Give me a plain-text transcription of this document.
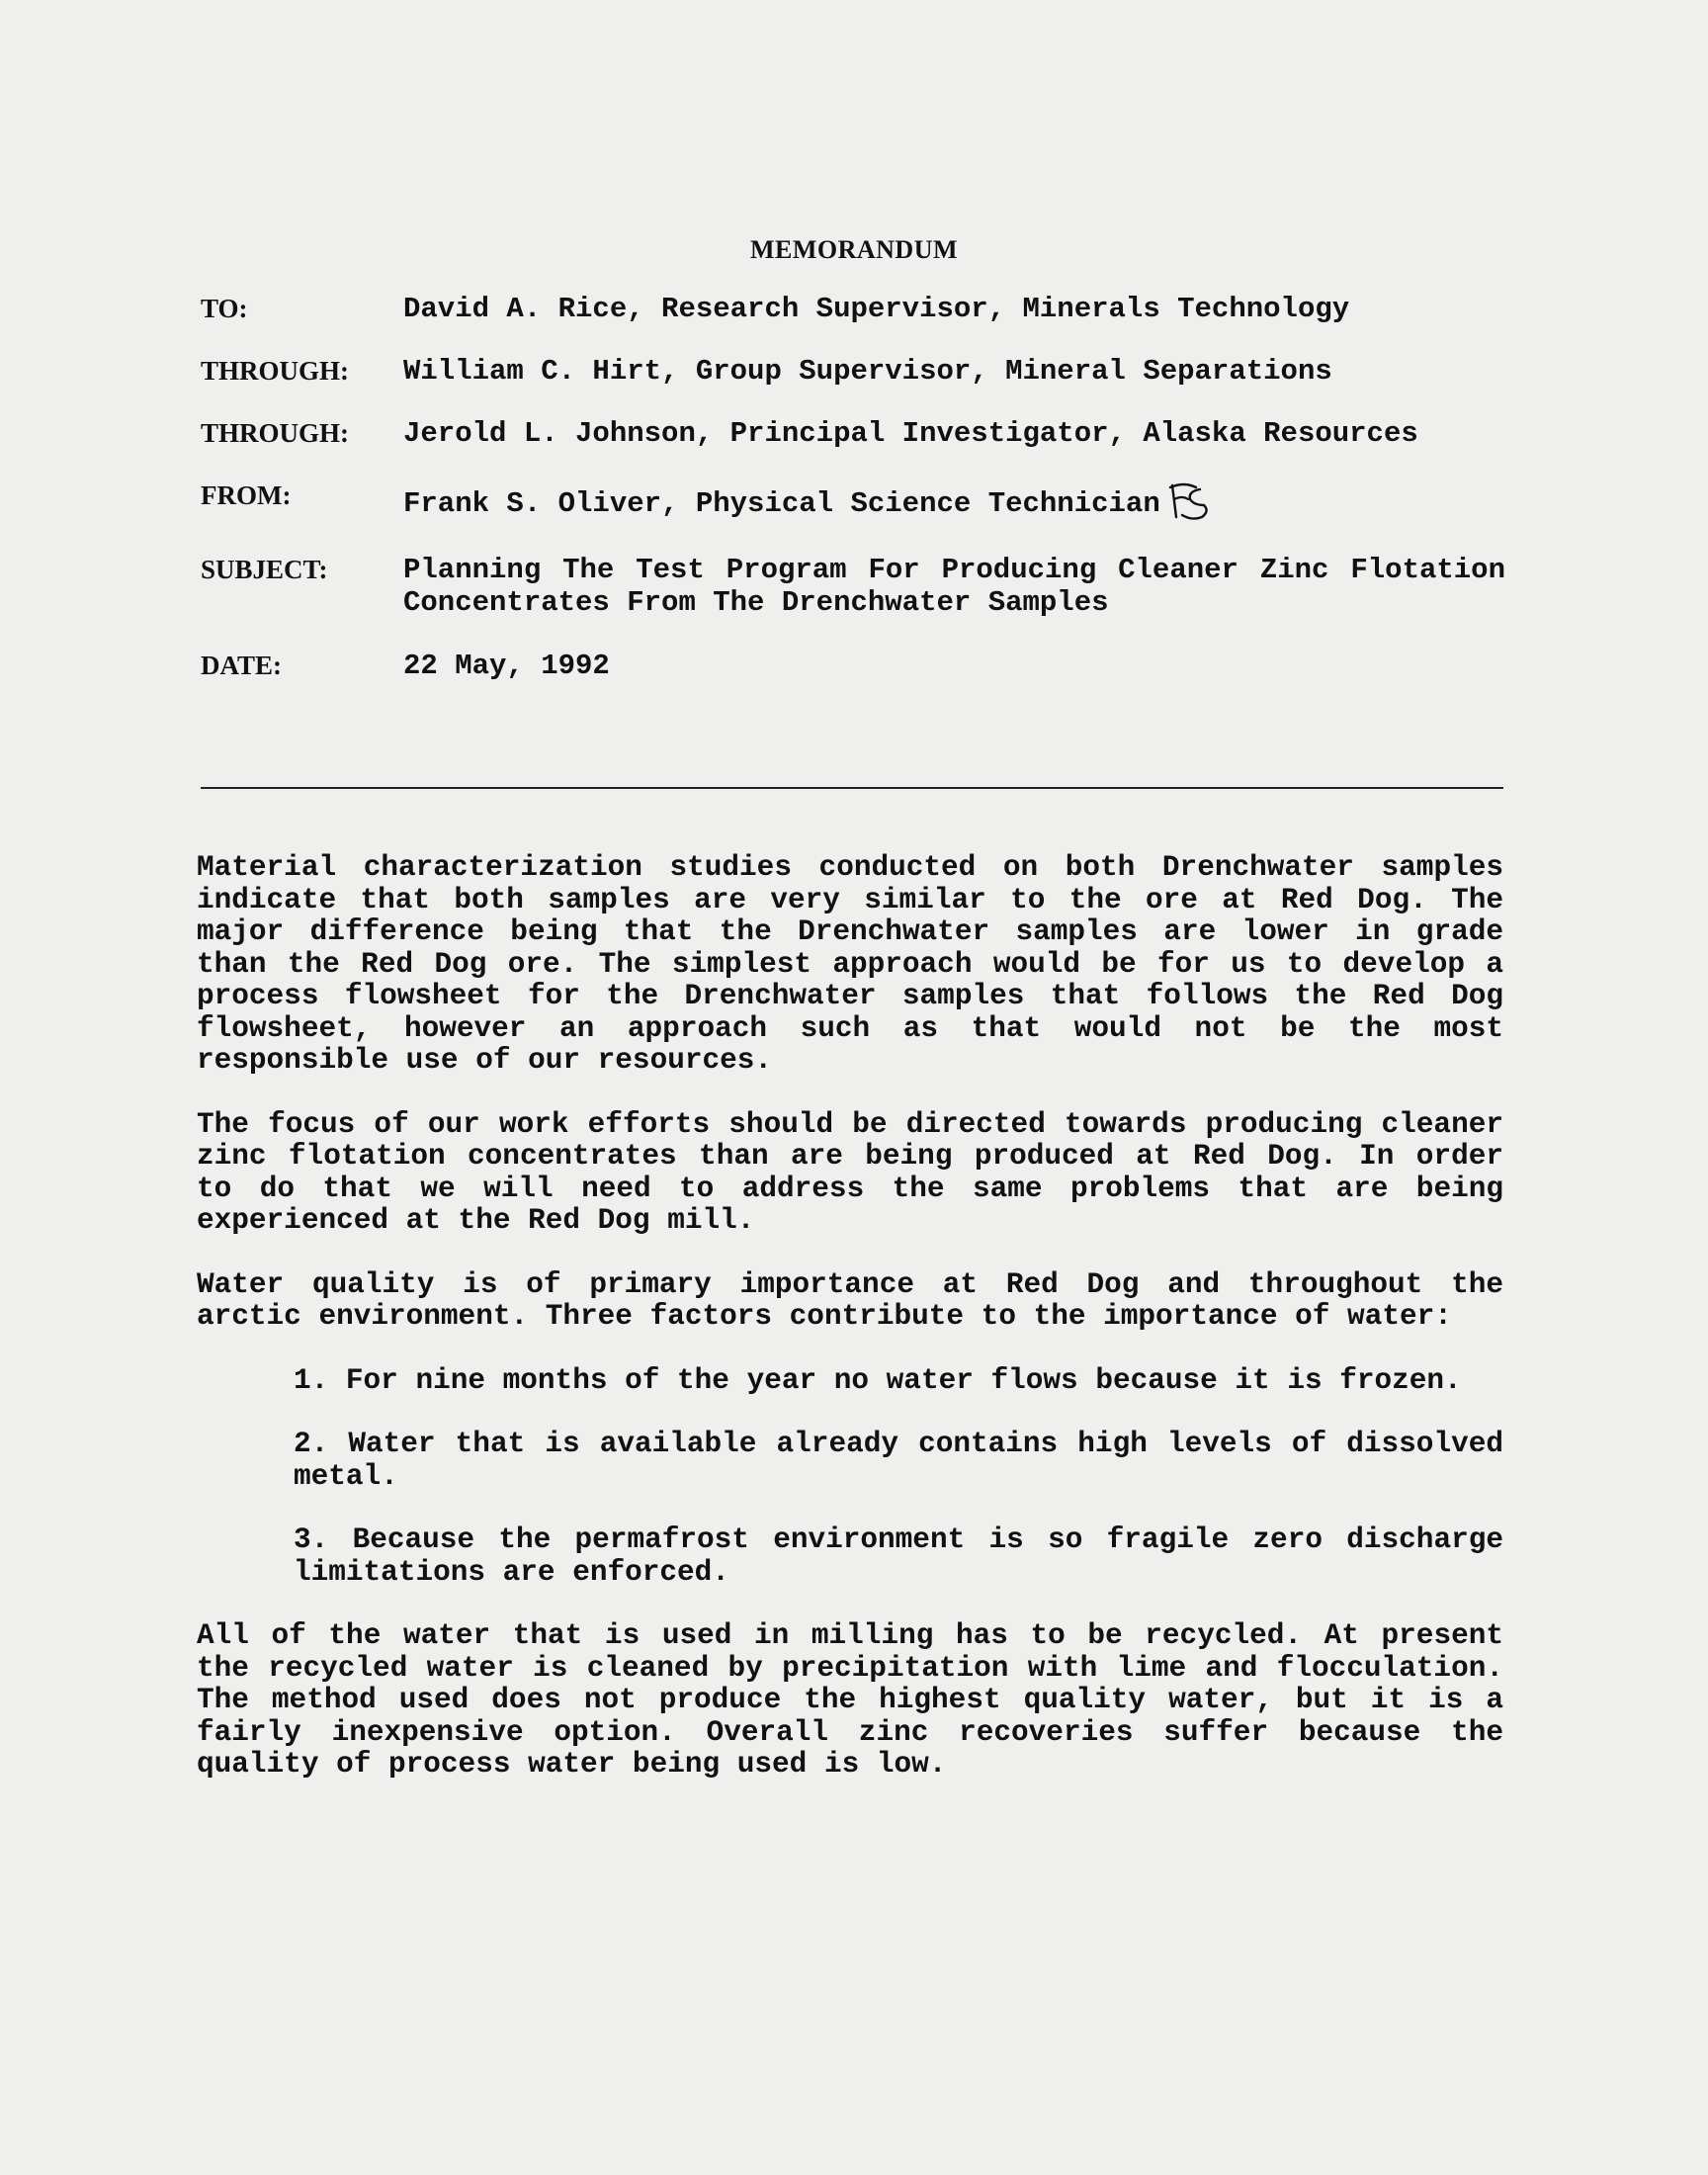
MEMORANDUM
TO:	David A. Rice, Research Supervisor, Minerals Technology
THROUGH:	William C. Hirt, Group Supervisor, Mineral Separations
THROUGH:	Jerold L. Johnson, Principal Investigator, Alaska Resources
FROM:	Frank S. Oliver, Physical Science Technician
SUBJECT:	Planning The Test Program For Producing Cleaner Zinc Flotation Concentrates From The Drenchwater Samples
DATE:	22 May, 1992

Material characterization studies conducted on both Drenchwater samples indicate that both samples are very similar to the ore at Red Dog. The major difference being that the Drenchwater samples are lower in grade than the Red Dog ore. The simplest approach would be for us to develop a process flowsheet for the Drenchwater samples that follows the Red Dog flowsheet, however an approach such as that would not be the most responsible use of our resources.

The focus of our work efforts should be directed towards producing cleaner zinc flotation concentrates than are being produced at Red Dog. In order to do that we will need to address the same problems that are being experienced at the Red Dog mill.

Water quality is of primary importance at Red Dog and throughout the arctic environment. Three factors contribute to the importance of water:

1. For nine months of the year no water flows because it is frozen.

2. Water that is available already contains high levels of dissolved metal.

3. Because the permafrost environment is so fragile zero discharge limitations are enforced.

All of the water that is used in milling has to be recycled. At present the recycled water is cleaned by precipitation with lime and flocculation. The method used does not produce the highest quality water, but it is a fairly inexpensive option. Overall zinc recoveries suffer because the quality of process water being used is low.
